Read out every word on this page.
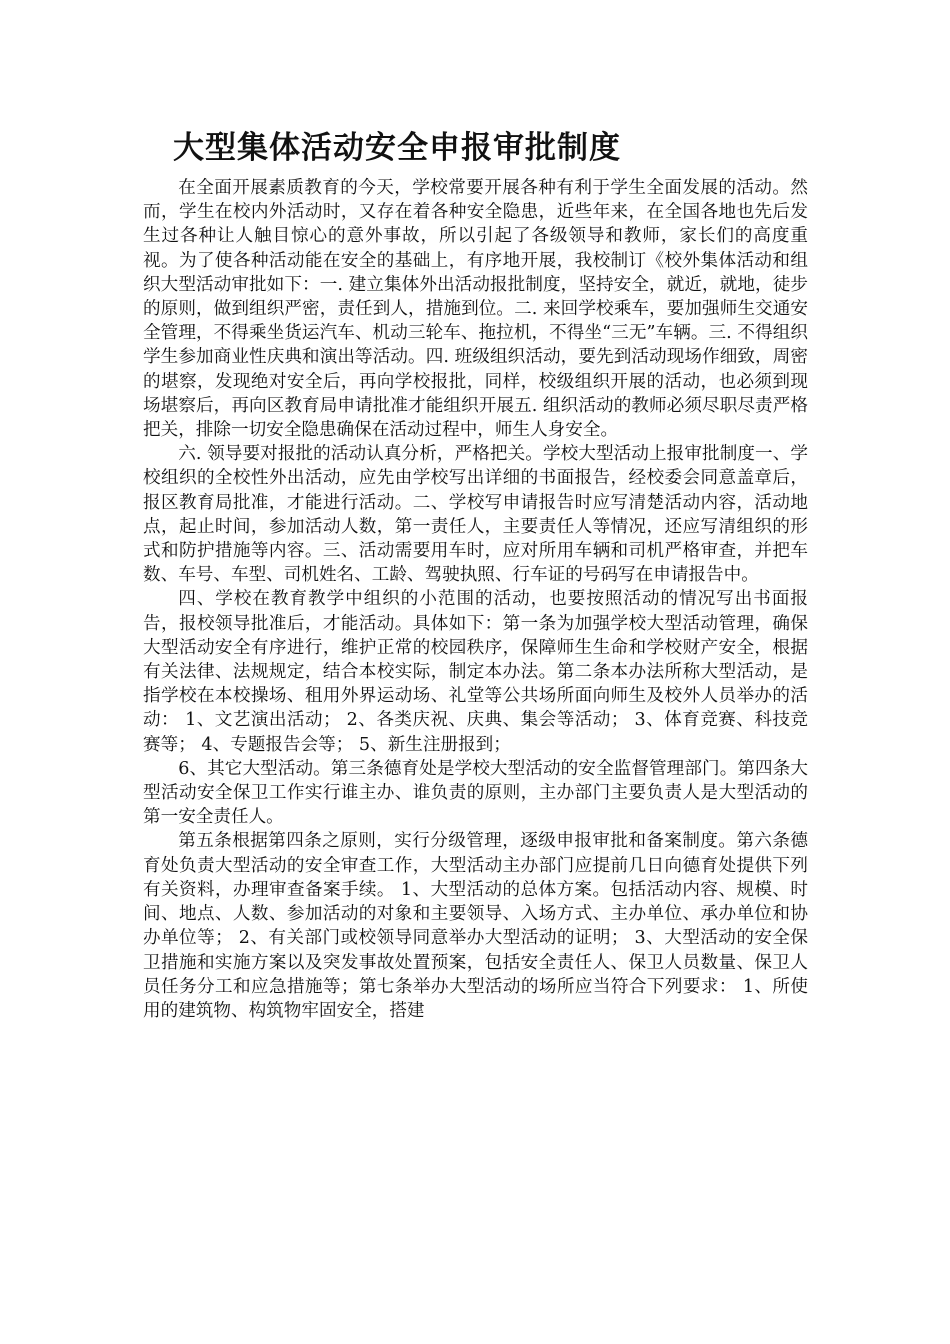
大型集体活动安全申报审批制度

在全面开展素质教育的今天，学校常要开展各种有利于学生全面发展的活动。然而，学生在校内外活动时，又存在着各种安全隐患，近些年来，在全国各地也先后发生过各种让人触目惊心的意外事故，所以引起了各级领导和教师，家长们的高度重视。为了使各种活动能在安全的基础上，有序地开展，我校制订《校外集体活动和组织大型活动审批如下：一. 建立集体外出活动报批制度，坚持安全，就近，就地，徒步的原则，做到组织严密，责任到人，措施到位。二. 来回学校乘车，要加强师生交通安全管理，不得乘坐货运汽车、机动三轮车、拖拉机，不得坐“三无”车辆。三. 不得组织学生参加商业性庆典和演出等活动。四. 班级组织活动，要先到活动现场作细致，周密的堪察，发现绝对安全后，再向学校报批，同样，校级组织开展的活动，也必须到现场堪察后，再向区教育局申请批准才能组织开展五. 组织活动的教师必须尽职尽责严格把关，排除一切安全隐患确保在活动过程中，师生人身安全。

六. 领导要对报批的活动认真分析，严格把关。学校大型活动上报审批制度一、学校组织的全校性外出活动，应先由学校写出详细的书面报告，经校委会同意盖章后，报区教育局批准，才能进行活动。二、学校写申请报告时应写清楚活动内容，活动地点，起止时间，参加活动人数，第一责任人，主要责任人等情况，还应写清组织的形式和防护措施等内容。三、活动需要用车时，应对所用车辆和司机严格审查，并把车数、车号、车型、司机姓名、工龄、驾驶执照、行车证的号码写在申请报告中。

四、学校在教育教学中组织的小范围的活动，也要按照活动的情况写出书面报告，报校领导批准后，才能活动。具体如下：第一条为加强学校大型活动管理，确保大型活动安全有序进行，维护正常的校园秩序，保障师生生命和学校财产安全，根据有关法律、法规规定，结合本校实际，制定本办法。第二条本办法所称大型活动，是指学校在本校操场、租用外界运动场、礼堂等公共场所面向师生及校外人员举办的活动： 1、文艺演出活动； 2、各类庆祝、庆典、集会等活动； 3、体育竞赛、科技竞赛等； 4、专题报告会等； 5、新生注册报到；

6、其它大型活动。第三条德育处是学校大型活动的安全监督管理部门。第四条大型活动安全保卫工作实行谁主办、谁负责的原则，主办部门主要负责人是大型活动的第一安全责任人。

第五条根据第四条之原则，实行分级管理，逐级申报审批和备案制度。第六条德育处负责大型活动的安全审查工作，大型活动主办部门应提前几日向德育处提供下列有关资料，办理审查备案手续。 1、大型活动的总体方案。包括活动内容、规模、时间、地点、人数、参加活动的对象和主要领导、入场方式、主办单位、承办单位和协办单位等； 2、有关部门或校领导同意举办大型活动的证明； 3、大型活动的安全保卫措施和实施方案以及突发事故处置预案，包括安全责任人、保卫人员数量、保卫人员任务分工和应急措施等；第七条举办大型活动的场所应当符合下列要求： 1、所使用的建筑物、构筑物牢固安全，搭建
